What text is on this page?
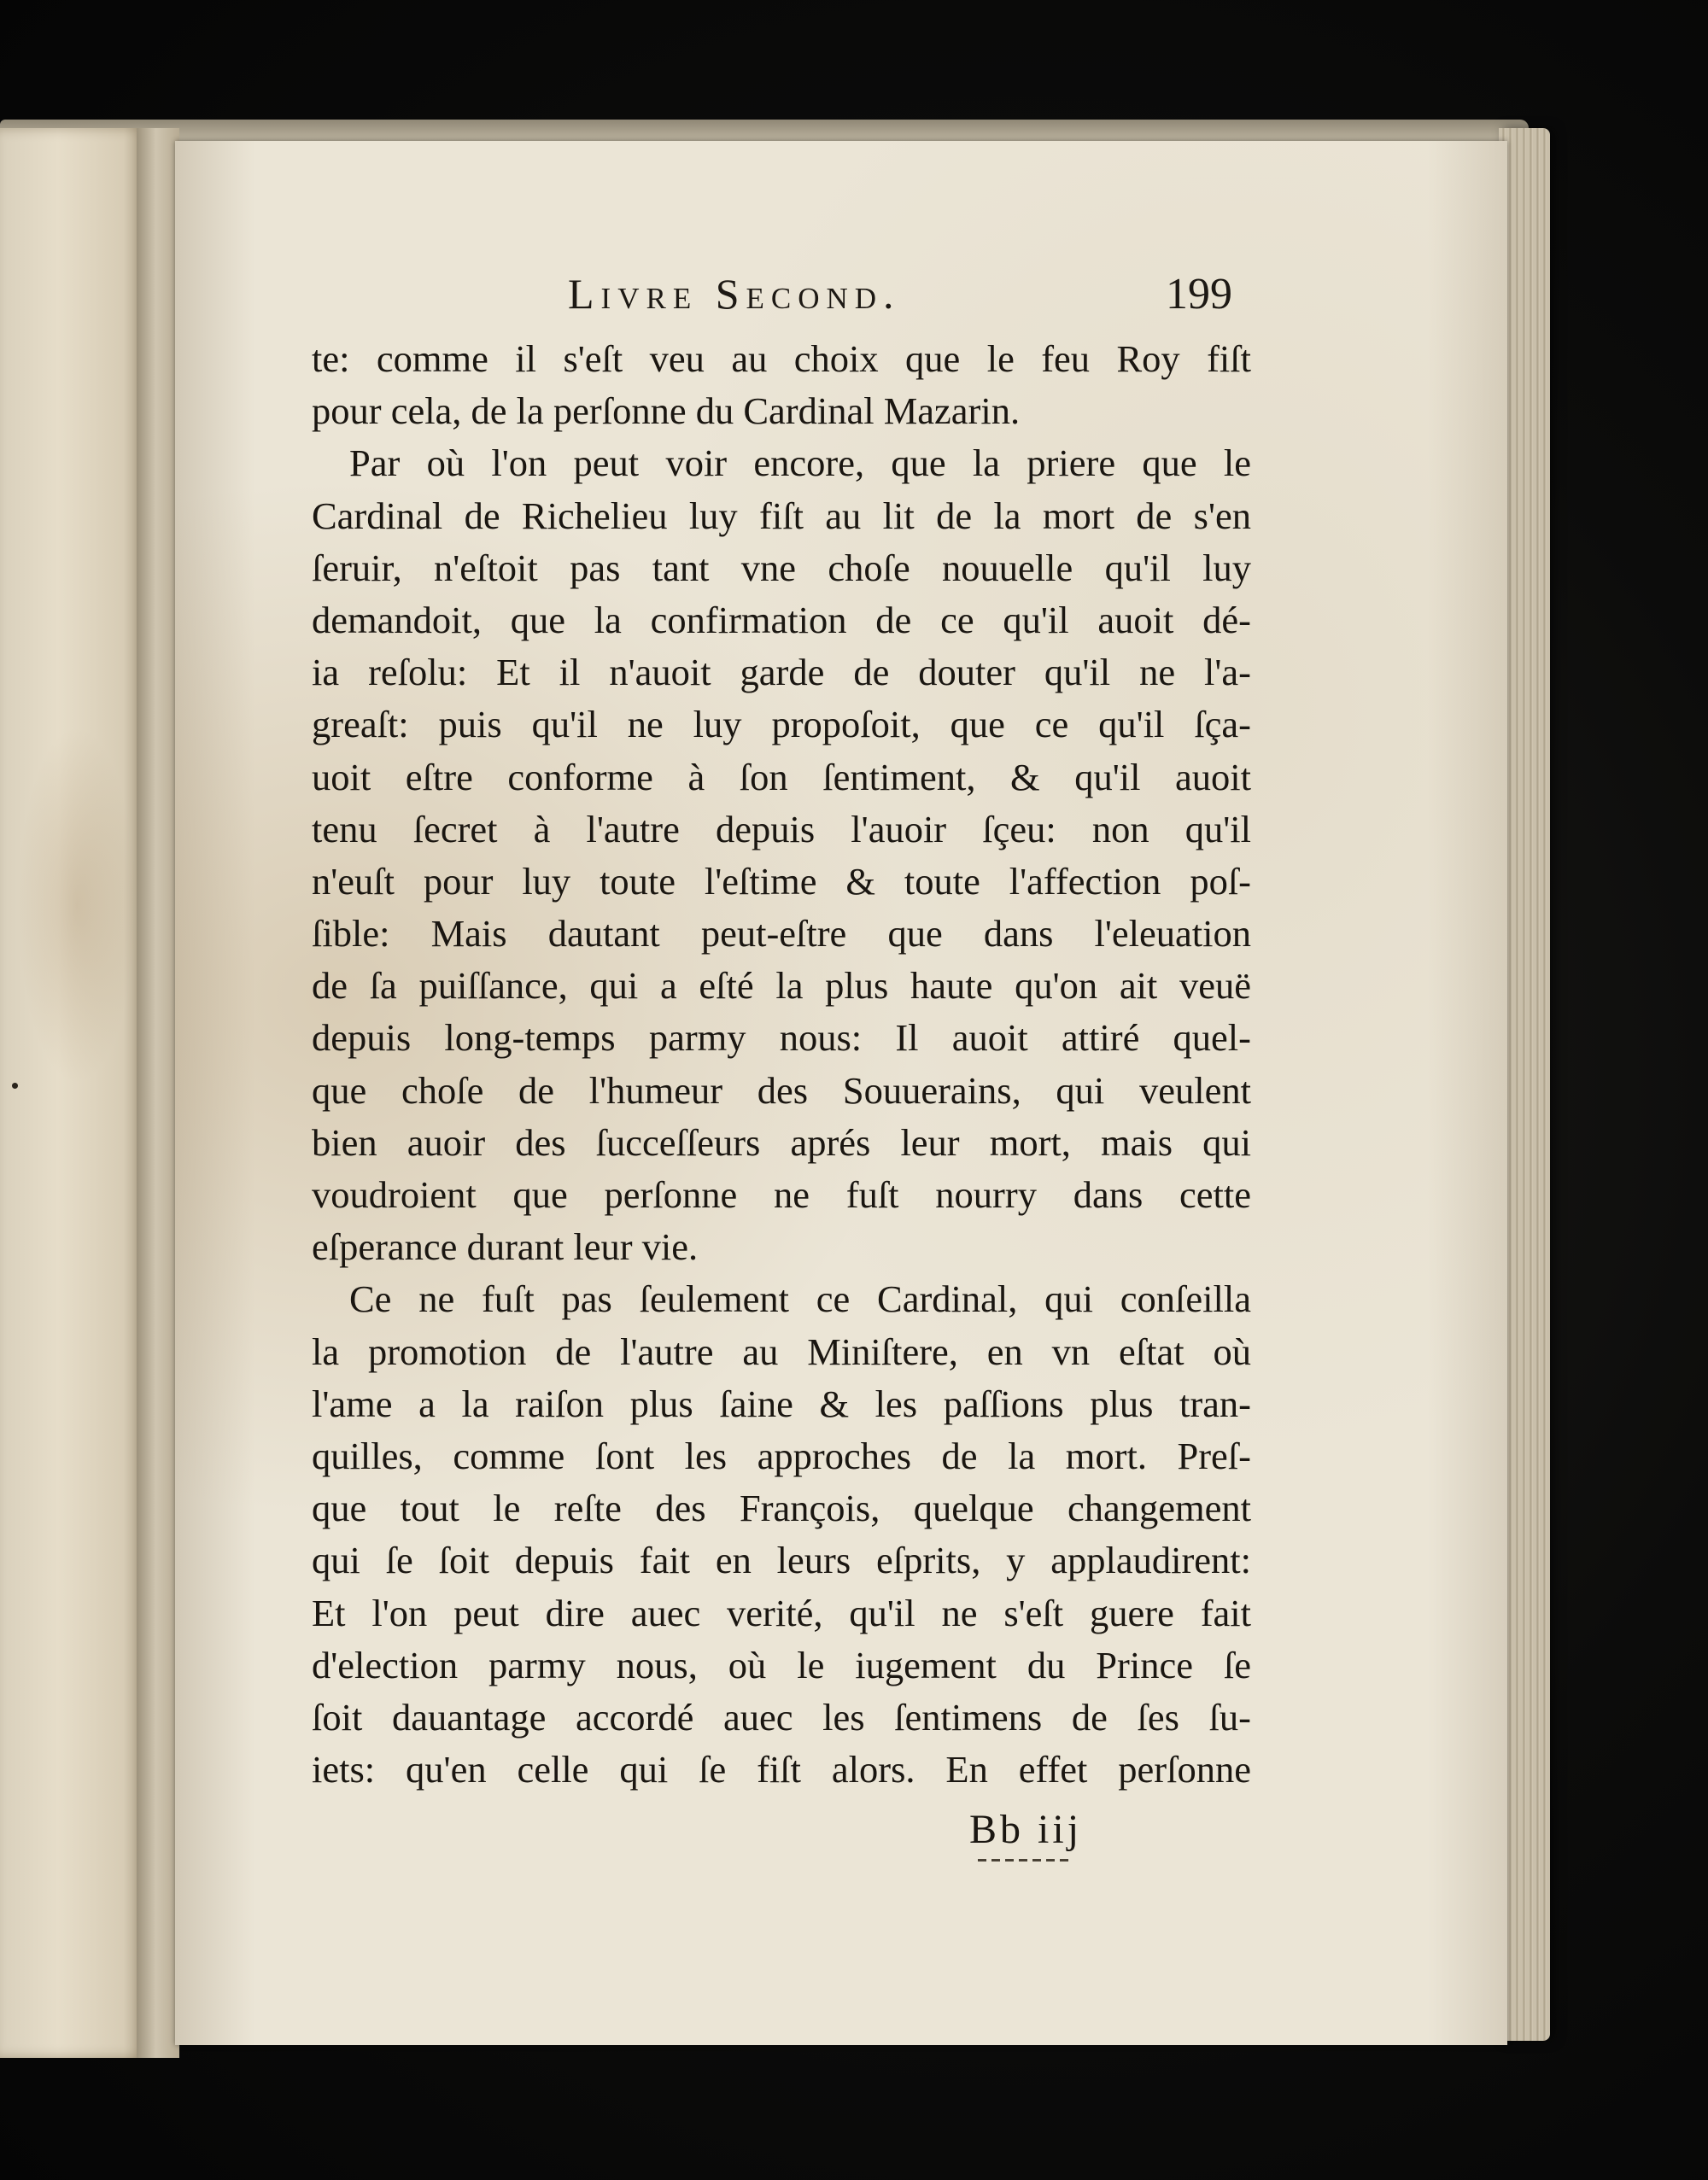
Livre Second.	199
te: comme il s'eſt veu au choix que le feu Roy fiſt
pour cela, de la perſonne du Cardinal Mazarin.
Par où l'on peut voir encore, que la priere que le
Cardinal de Richelieu luy fiſt au lit de la mort de s'en
ſeruir, n'eſtoit pas tant vne choſe nouuelle qu'il luy
demandoit, que la confirmation de ce qu'il auoit dé-
ia reſolu: Et il n'auoit garde de douter qu'il ne l'a-
greaſt: puis qu'il ne luy propoſoit, que ce qu'il ſça-
uoit eſtre conforme à ſon ſentiment, & qu'il auoit
tenu ſecret à l'autre depuis l'auoir ſçeu: non qu'il
n'euſt pour luy toute l'eſtime & toute l'affection poſ-
ſible: Mais dautant peut-eſtre que dans l'eleuation
de ſa puiſſance, qui a eſté la plus haute qu'on ait veuë
depuis long-temps parmy nous: Il auoit attiré quel-
que choſe de l'humeur des Souuerains, qui veulent
bien auoir des ſucceſſeurs aprés leur mort, mais qui
voudroient que perſonne ne fuſt nourry dans cette
eſperance durant leur vie.
Ce ne fuſt pas ſeulement ce Cardinal, qui conſeilla
la promotion de l'autre au Miniſtere, en vn eſtat où
l'ame a la raiſon plus ſaine & les paſſions plus tran-
quilles, comme ſont les approches de la mort. Preſ-
que tout le reſte des François, quelque changement
qui ſe ſoit depuis fait en leurs eſprits, y applaudirent:
Et l'on peut dire auec verité, qu'il ne s'eſt guere fait
d'election parmy nous, où le iugement du Prince ſe
ſoit dauantage accordé auec les ſentimens de ſes ſu-
iets: qu'en celle qui ſe fiſt alors. En effet perſonne
Bb iij
